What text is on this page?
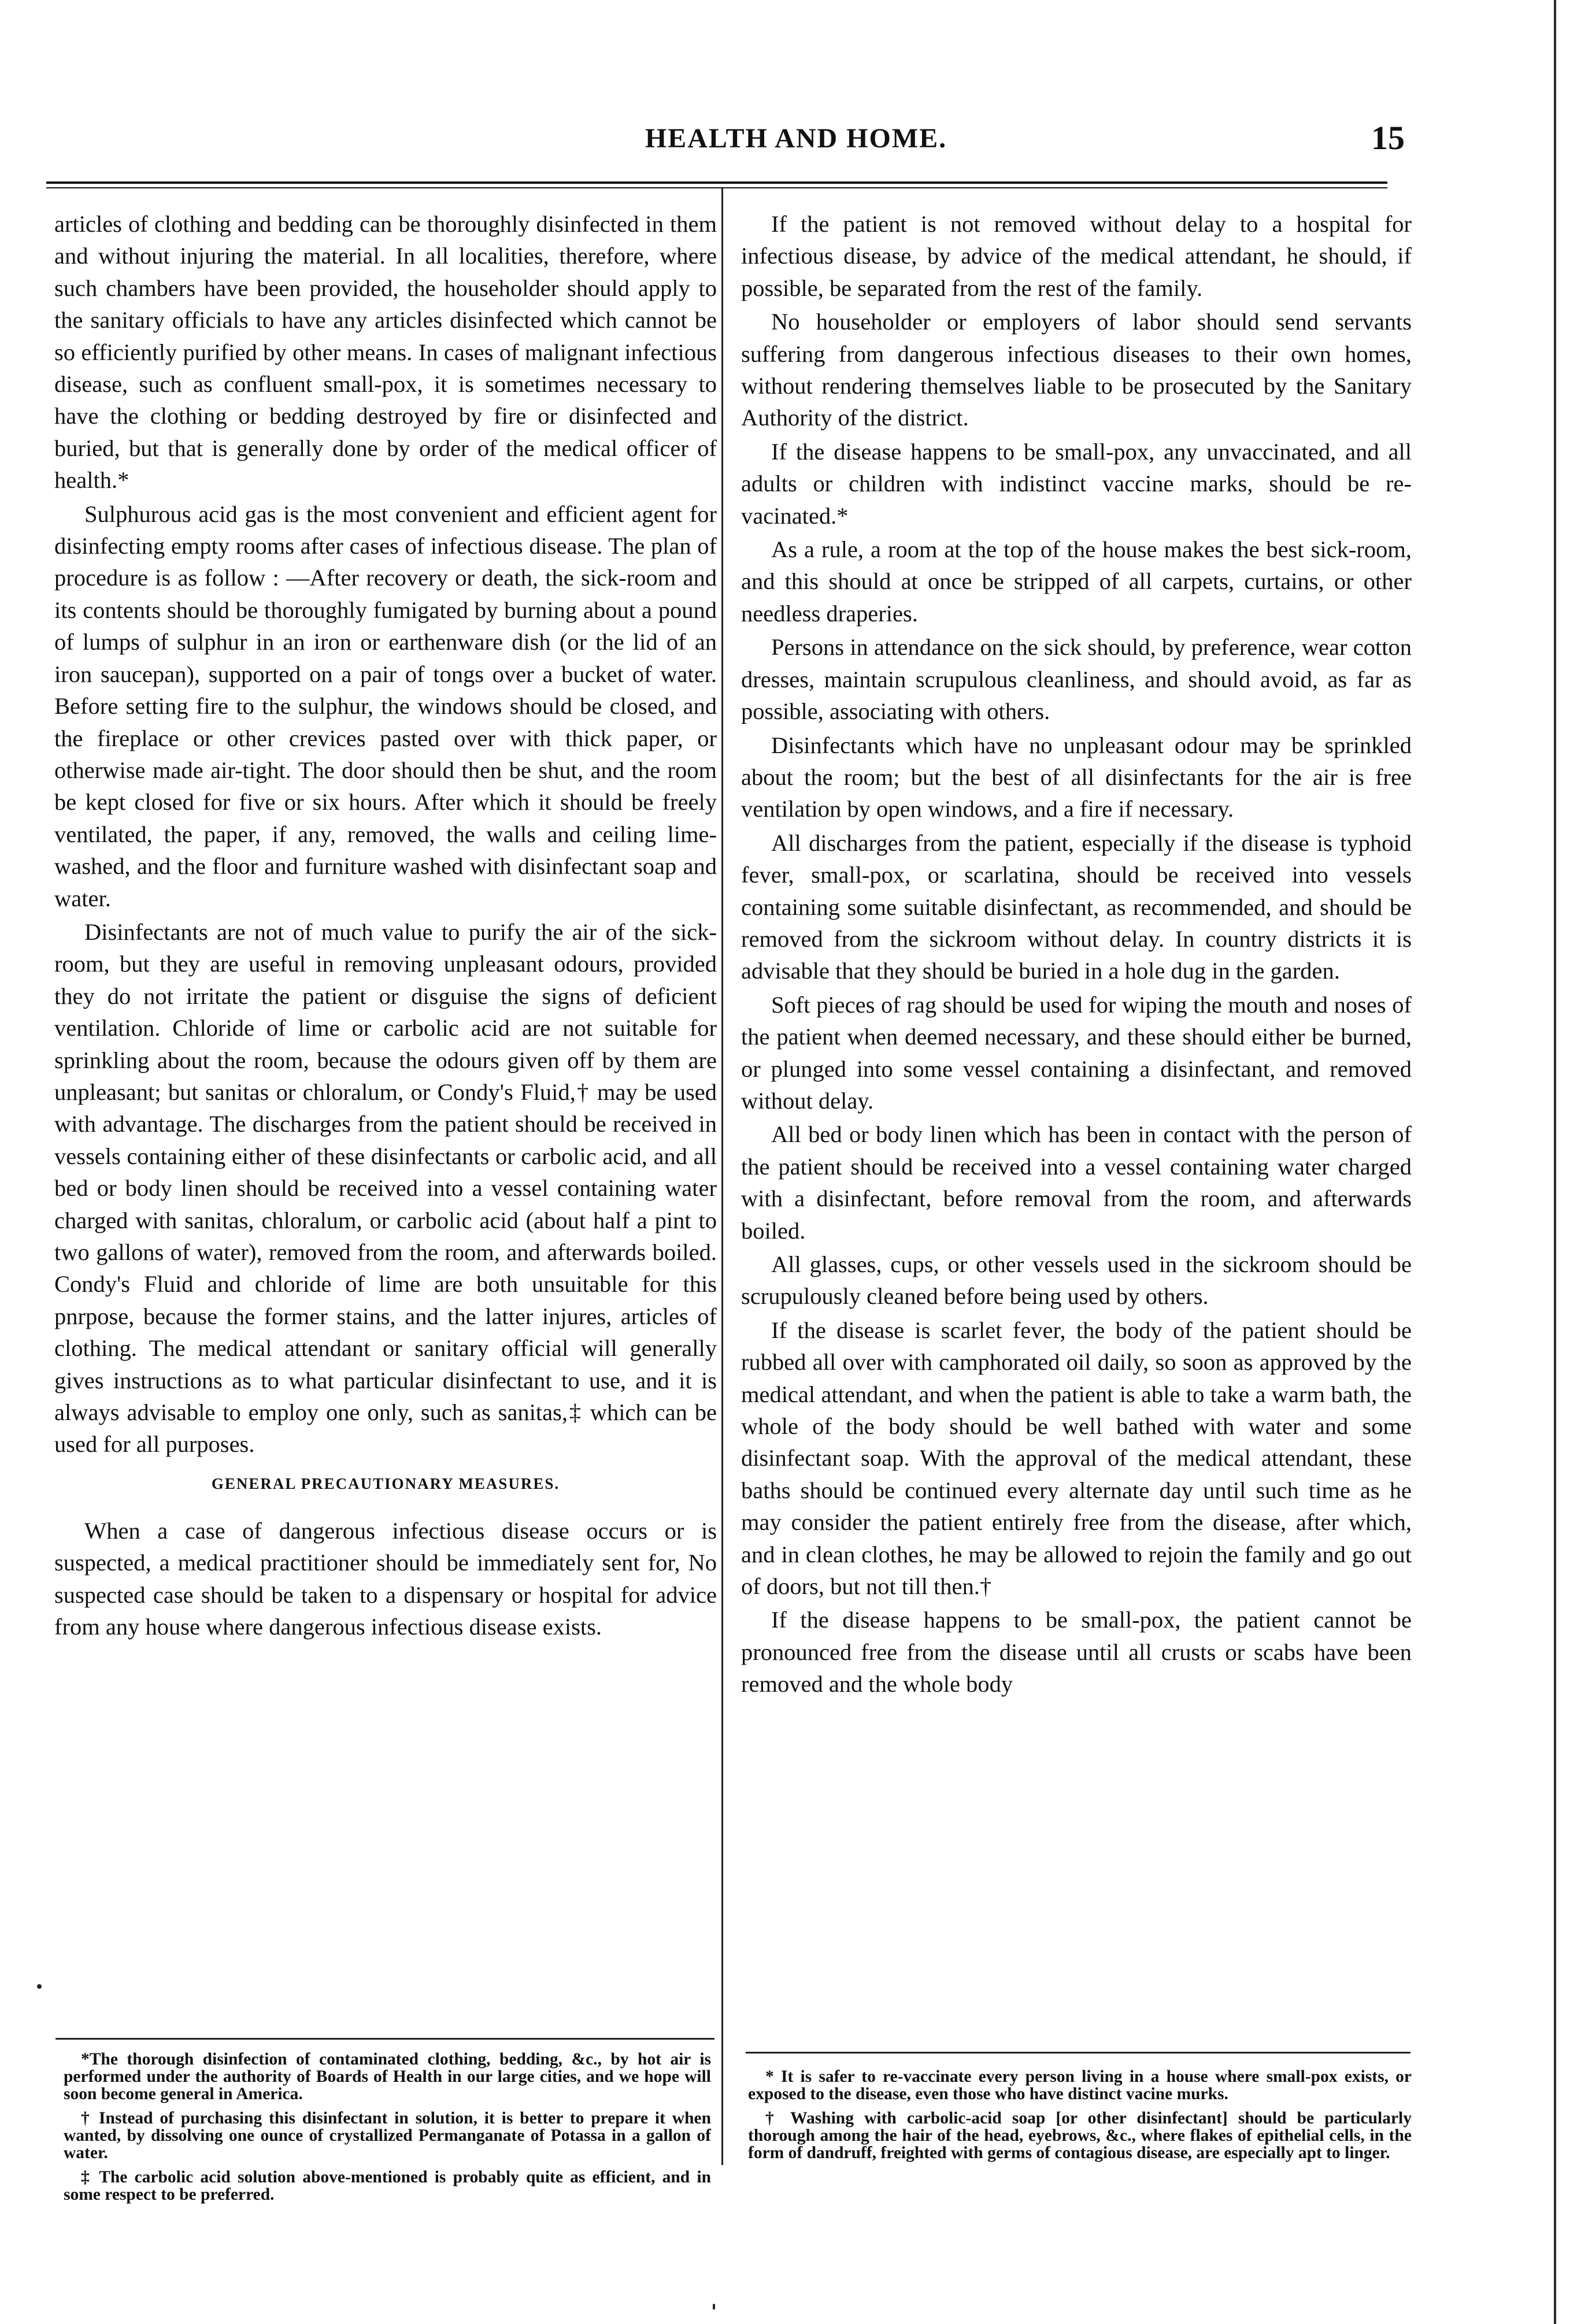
HEALTH AND HOME.	15

articles of clothing and bedding can be thoroughly disinfected in them and without injuring the material. In all localities, therefore, where such chambers have been provided, the householder should apply to the sanitary officials to have any articles disinfected which cannot be so efficiently purified by other means. In cases of malignant infectious disease, such as confluent small-pox, it is sometimes necessary to have the clothing or bedding destroyed by fire or disinfected and buried, but that is generally done by order of the medical officer of health.*

Sulphurous acid gas is the most convenient and efficient agent for disinfecting empty rooms after cases of infectious disease. The plan of procedure is as follow : —After recovery or death, the sick-room and its contents should be thoroughly fumigated by burning about a pound of lumps of sulphur in an iron or earthenware dish (or the lid of an iron saucepan), supported on a pair of tongs over a bucket of water. Before setting fire to the sulphur, the windows should be closed, and the fireplace or other crevices pasted over with thick paper, or otherwise made air-tight. The door should then be shut, and the room be kept closed for five or six hours. After which it should be freely ventilated, the paper, if any, removed, the walls and ceiling lime-washed, and the floor and furniture washed with disinfectant soap and water.

Disinfectants are not of much value to purify the air of the sick-room, but they are useful in removing unpleasant odours, provided they do not irritate the patient or disguise the signs of deficient ventilation. Chloride of lime or carbolic acid are not suitable for sprinkling about the room, because the odours given off by them are unpleasant; but sanitas or chloralum, or Condy's Fluid,† may be used with advantage. The discharges from the patient should be received in vessels containing either of these disinfectants or carbolic acid, and all bed or body linen should be received into a vessel containing water charged with sanitas, chloralum, or carbolic acid (about half a pint to two gallons of water), removed from the room, and afterwards boiled. Condy's Fluid and chloride of lime are both unsuitable for this pnrpose, because the former stains, and the latter injures, articles of clothing. The medical attendant or sanitary official will generally gives instructions as to what particular disinfectant to use, and it is always advisable to employ one only, such as sanitas,‡ which can be used for all purposes.

GENERAL PRECAUTIONARY MEASURES.

When a case of dangerous infectious disease occurs or is suspected, a medical practitioner should be immediately sent for, No suspected case should be taken to a dispensary or hospital for advice from any house where dangerous infectious disease exists.

If the patient is not removed without delay to a hospital for infectious disease, by advice of the medical attendant, he should, if possible, be separated from the rest of the family.

No householder or employers of labor should send servants suffering from dangerous infectious diseases to their own homes, without rendering themselves liable to be prosecuted by the Sanitary Authority of the district.

If the disease happens to be small-pox, any unvaccinated, and all adults or children with indistinct vaccine marks, should be re-vacinated.*

As a rule, a room at the top of the house makes the best sick-room, and this should at once be stripped of all carpets, curtains, or other needless draperies.

Persons in attendance on the sick should, by preference, wear cotton dresses, maintain scrupulous cleanliness, and should avoid, as far as possible, associating with others.

Disinfectants which have no unpleasant odour may be sprinkled about the room; but the best of all disinfectants for the air is free ventilation by open windows, and a fire if necessary.

All discharges from the patient, especially if the disease is typhoid fever, small-pox, or scarlatina, should be received into vessels containing some suitable disinfectant, as recommended, and should be removed from the sickroom without delay. In country districts it is advisable that they should be buried in a hole dug in the garden.

Soft pieces of rag should be used for wiping the mouth and noses of the patient when deemed necessary, and these should either be burned, or plunged into some vessel containing a disinfectant, and removed without delay.

All bed or body linen which has been in contact with the person of the patient should be received into a vessel containing water charged with a disinfectant, before removal from the room, and afterwards boiled.

All glasses, cups, or other vessels used in the sickroom should be scrupulously cleaned before being used by others.

If the disease is scarlet fever, the body of the patient should be rubbed all over with camphorated oil daily, so soon as approved by the medical attendant, and when the patient is able to take a warm bath, the whole of the body should be well bathed with water and some disinfectant soap. With the approval of the medical attendant, these baths should be continued every alternate day until such time as he may consider the patient entirely free from the disease, after which, and in clean clothes, he may be allowed to rejoin the family and go out of doors, but not till then.†

If the disease happens to be small-pox, the patient cannot be pronounced free from the disease until all crusts or scabs have been removed and the whole body

*The thorough disinfection of contaminated clothing, bedding, &c., by hot air is performed under the authority of Boards of Health in our large cities, and we hope will soon become general in America.

† Instead of purchasing this disinfectant in solution, it is better to prepare it when wanted, by dissolving one ounce of crystallized Permanganate of Potassa in a gallon of water.

‡ The carbolic acid solution above-mentioned is probably quite as efficient, and in some respect to be preferred.

* It is safer to re-vaccinate every person living in a house where small-pox exists, or exposed to the disease, even those who have distinct vacine murks.

† Washing with carbolic-acid soap [or other disinfectant] should be particularly thorough among the hair of the head, eyebrows, &c., where flakes of epithelial cells, in the form of dandruff, freighted with germs of contagious disease, are especially apt to linger.
